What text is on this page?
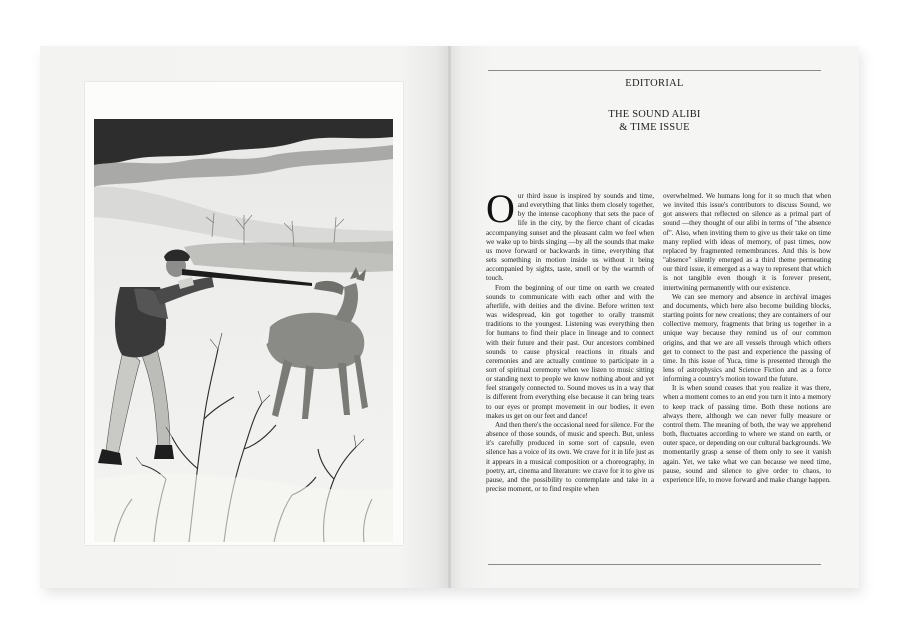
EDITORIAL
THE SOUND ALIBI
& TIME ISSUE

Our third issue is inspired by sounds and time, and everything that links them closely together, by the intense cacophony that sets the pace of life in the city, by the fierce chant of cicadas accompanying sunset and the pleasant calm we feel when we wake up to birds singing —by all the sounds that make us move forward or backwards in time, everything that sets something in motion inside us without it being accompanied by sights, taste, smell or by the warmth of touch.

From the beginning of our time on earth we created sounds to communicate with each other and with the afterlife, with deities and the divine. Before written text was widespread, kin got together to orally transmit traditions to the youngest. Listening was everything then for humans to find their place in lineage and to connect with their future and their past. Our ancestors combined sounds to cause physical reactions in rituals and ceremonies and are actually continue to participate in a sort of spiritual ceremony when we listen to music sitting or standing next to people we know nothing about and yet feel strangely connected to. Sound moves us in a way that is different from everything else because it can bring tears to our eyes or prompt movement in our bodies, it even makes us get on our feet and dance!

And then there's the occasional need for silence. For the absence of those sounds, of music and speech. But, unless it's carefully produced in some sort of capsule, even silence has a voice of its own. We crave for it in life just as it appears in a musical composition or a choreography, in poetry, art, cinema and literature: we crave for it to give us pause, and the possibility to contemplate and take in a precise moment, or to find respite when

overwhelmed. We humans long for it so much that when we invited this issue's contributors to discuss Sound, we got answers that reflected on silence as a primal part of sound —they thought of our alibi in terms of "the absence of". Also, when inviting them to give us their take on time many replied with ideas of memory, of past times, now replaced by fragmented remembrances. And this is how "absence" silently emerged as a third theme permeating our third issue, it emerged as a way to represent that which is not tangible even though it is forever present, intertwining permanently with our existence.

We can see memory and absence in archival images and documents, which here also become building blocks, starting points for new creations; they are containers of our collective memory, fragments that bring us together in a unique way because they remind us of our common origins, and that we are all vessels through which others get to connect to the past and experience the passing of time. In this issue of Yuca, time is presented through the lens of astrophysics and Science Fiction and as a force informing a country's motion toward the future.

It is when sound ceases that you realize it was there, when a moment comes to an end you turn it into a memory to keep track of passing time. Both these notions are always there, although we can never fully measure or control them. The meaning of both, the way we apprehend both, fluctuates according to where we stand on earth, or outer space, or depending on our cultural backgrounds. We momentarily grasp a sense of them only to see it vanish again. Yet, we take what we can because we need time, pause, sound and silence to give order to chaos, to experience life, to move forward and make change happen.
